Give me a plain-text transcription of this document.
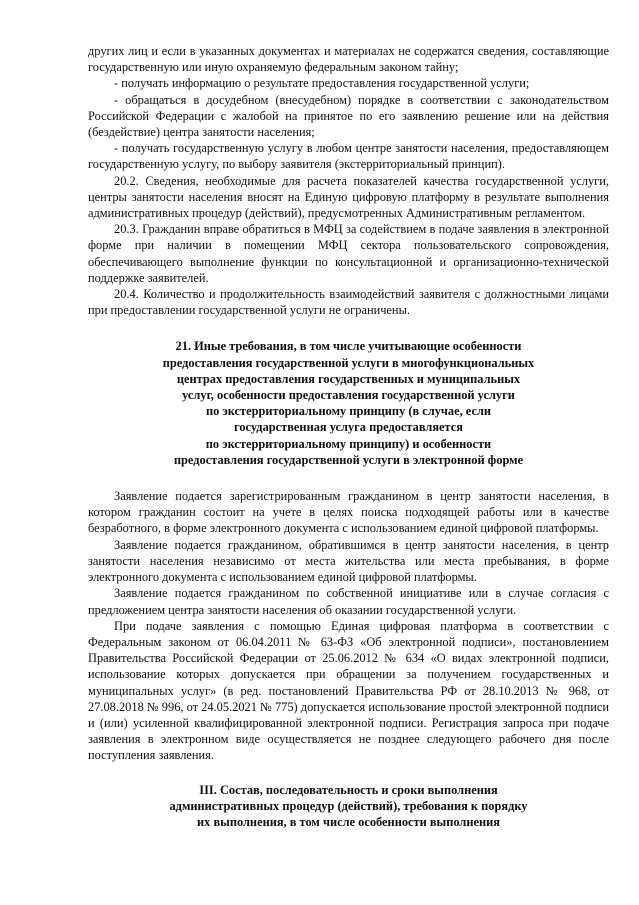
других лиц и если в указанных документах и материалах не содержатся сведения, составляющие государственную или иную охраняемую федеральным законом тайну;

- получать информацию о результате предоставления государственной услуги;

- обращаться в досудебном (внесудебном) порядке в соответствии с законодательством Российской Федерации с жалобой на принятое по его заявлению решение или на действия (бездействие) центра занятости населения;

- получать государственную услугу в любом центре занятости населения, предоставляющем государственную услугу, по выбору заявителя (экстерриториальный принцип).

20.2. Сведения, необходимые для расчета показателей качества государственной услуги, центры занятости населения вносят на Единую цифровую платформу в результате выполнения административных процедур (действий), предусмотренных Административным регламентом.

20.3. Гражданин вправе обратиться в МФЦ за содействием в подаче заявления в электронной форме при наличии в помещении МФЦ сектора пользовательского сопровождения, обеспечивающего выполнение функции по консультационной и организационно-технической поддержке заявителей.

20.4. Количество и продолжительность взаимодействий заявителя с должностными лицами при предоставлении государственной услуги не ограничены.

21. Иные требования, в том числе учитывающие особенности
предоставления государственной услуги в многофункциональных
центрах предоставления государственных и муниципальных
услуг, особенности предоставления государственной услуги
по экстерриториальному принципу (в случае, если
государственная услуга предоставляется
по экстерриториальному принципу) и особенности
предоставления государственной услуги в электронной форме

Заявление подается зарегистрированным гражданином в центр занятости населения, в котором гражданин состоит на учете в целях поиска подходящей работы или в качестве безработного, в форме электронного документа с использованием единой цифровой платформы.

Заявление подается гражданином, обратившимся в центр занятости населения, в центр занятости населения независимо от места жительства или места пребывания, в форме электронного документа с использованием единой цифровой платформы.

Заявление подается гражданином по собственной инициативе или в случае согласия с предложением центра занятости населения об оказании государственной услуги.

При подаче заявления с помощью Единая цифровая платформа в соответствии с Федеральным законом от 06.04.2011 № 63-ФЗ «Об электронной подписи», постановлением Правительства Российской Федерации от 25.06.2012 № 634 «О видах электронной подписи, использование которых допускается при обращении за получением государственных и муниципальных услуг» (в ред. постановлений Правительства РФ от 28.10.2013 № 968, от 27.08.2018 № 996, от 24.05.2021 № 775) допускается использование простой электронной подписи и (или) усиленной квалифицированной электронной подписи. Регистрация запроса при подаче заявления в электронном виде осуществляется не позднее следующего рабочего дня после поступления заявления.

III. Состав, последовательность и сроки выполнения
административных процедур (действий), требования к порядку
их выполнения, в том числе особенности выполнения
